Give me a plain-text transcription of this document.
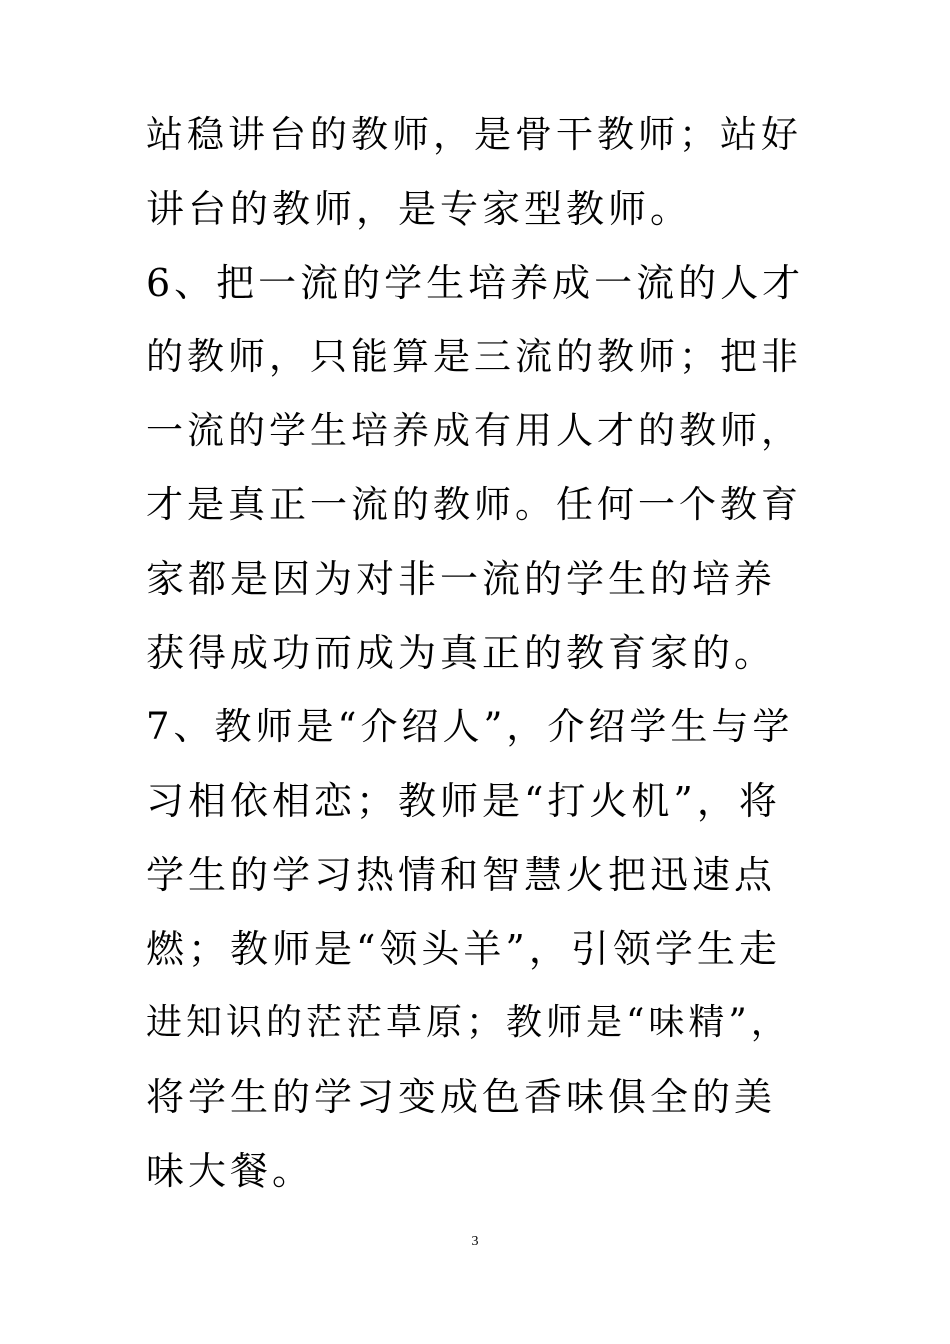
站稳讲台的教师，是骨干教师；站好
讲台的教师，是专家型教师。
6、把一流的学生培养成一流的人才
的教师，只能算是三流的教师；把非
一流的学生培养成有用人才的教师，
才是真正一流的教师。任何一个教育
家都是因为对非一流的学生的培养
获得成功而成为真正的教育家的。
7、教师是“介绍人”，介绍学生与学
习相依相恋；教师是“打火机”，将
学生的学习热情和智慧火把迅速点
燃；教师是“领头羊”，引领学生走
进知识的茫茫草原；教师是“味精”，
将学生的学习变成色香味俱全的美
味大餐。
3
